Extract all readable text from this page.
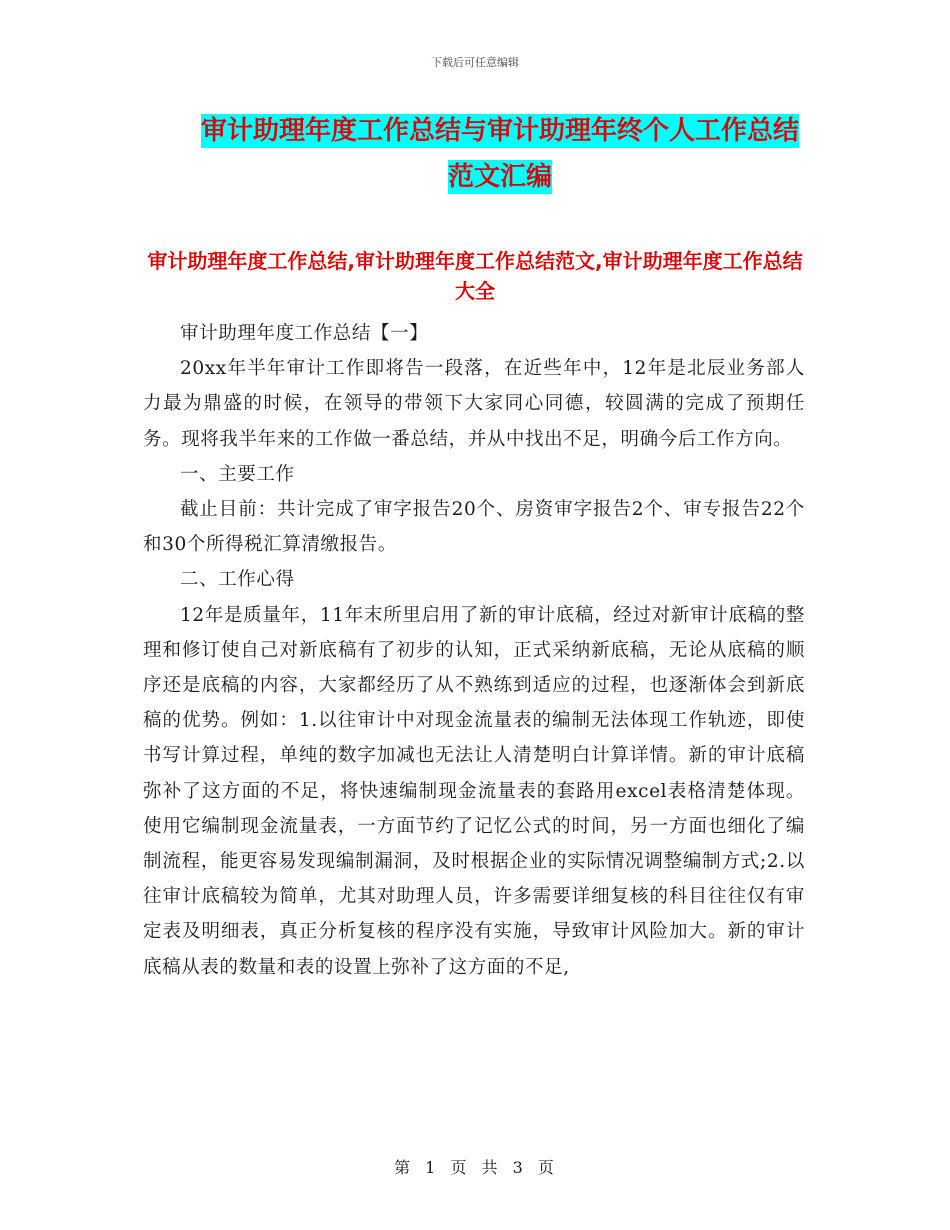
下载后可任意编辑
审计助理年度工作总结与审计助理年终个人工作总结范文汇编
审计助理年度工作总结,审计助理年度工作总结范文,审计助理年度工作总结大全

审计助理年度工作总结【一】

20xx年半年审计工作即将告一段落，在近些年中，12年是北辰业务部人力最为鼎盛的时候，在领导的带领下大家同心同德，较圆满的完成了预期任务。现将我半年来的工作做一番总结，并从中找出不足，明确今后工作方向。

一、主要工作

截止目前：共计完成了审字报告20个、房资审字报告2个、审专报告22个和30个所得税汇算清缴报告。

二、工作心得

12年是质量年，11年末所里启用了新的审计底稿，经过对新审计底稿的整理和修订使自己对新底稿有了初步的认知，正式采纳新底稿，无论从底稿的顺序还是底稿的内容，大家都经历了从不熟练到适应的过程，也逐渐体会到新底稿的优势。例如：1.以往审计中对现金流量表的编制无法体现工作轨迹，即使书写计算过程，单纯的数字加减也无法让人清楚明白计算详情。新的审计底稿弥补了这方面的不足，将快速编制现金流量表的套路用excel表格清楚体现。使用它编制现金流量表，一方面节约了记忆公式的时间，另一方面也细化了编制流程，能更容易发现编制漏洞，及时根据企业的实际情况调整编制方式;2.以往审计底稿较为简单，尤其对助理人员，许多需要详细复核的科目往往仅有审定表及明细表，真正分析复核的程序没有实施，导致审计风险加大。新的审计底稿从表的数量和表的设置上弥补了这方面的不足,

第 1 页 共 3 页
